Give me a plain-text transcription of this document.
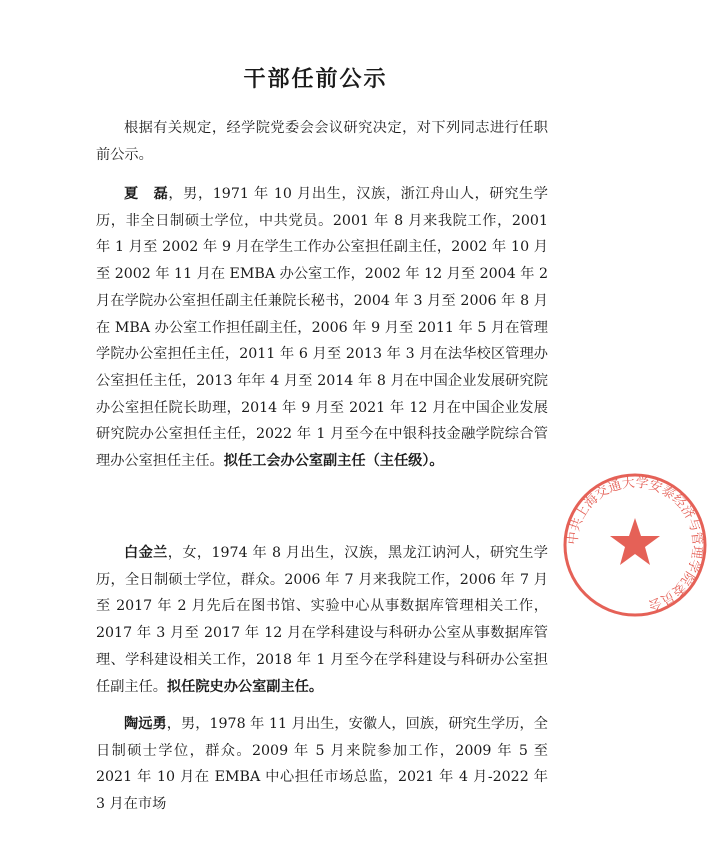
干部任前公示

根据有关规定，经学院党委会会议研究决定，对下列同志进行任职前公示。

夏　磊，男，1971 年 10 月出生，汉族，浙江舟山人，研究生学历，非全日制硕士学位，中共党员。2001 年 8 月来我院工作，2001 年 1 月至 2002 年 9 月在学生工作办公室担任副主任，2002 年 10 月至 2002 年 11 月在 EMBA 办公室工作，2002 年 12 月至 2004 年 2 月在学院办公室担任副主任兼院长秘书，2004 年 3 月至 2006 年 8 月在 MBA 办公室工作担任副主任，2006 年 9 月至 2011 年 5 月在管理学院办公室担任主任，2011 年 6 月至 2013 年 3 月在法华校区管理办公室担任主任，2013 年年 4 月至 2014 年 8 月在中国企业发展研究院办公室担任院长助理，2014 年 9 月至 2021 年 12 月在中国企业发展研究院办公室担任主任，2022 年 1 月至今在中银科技金融学院综合管理办公室担任主任。拟任工会办公室副主任（主任级）。

白金兰，女，1974 年 8 月出生，汉族，黑龙江讷河人，研究生学历，全日制硕士学位，群众。2006 年 7 月来我院工作，2006 年 7 月至 2017 年 2 月先后在图书馆、实验中心从事数据库管理相关工作，2017 年 3 月至 2017 年 12 月在学科建设与科研办公室从事数据库管理、学科建设相关工作，2018 年 1 月至今在学科建设与科研办公室担任副主任。拟任院史办公室副主任。

陶远勇，男，1978 年 11 月出生，安徽人，回族，研究生学历，全日制硕士学位，群众。2009 年 5 月来院参加工作，2009 年 5 至 2021 年 10 月在 EMBA 中心担任市场总监，2021 年 4 月-2022 年 3 月在市场

中共上海交通大学安泰经济与管理学院委员会
